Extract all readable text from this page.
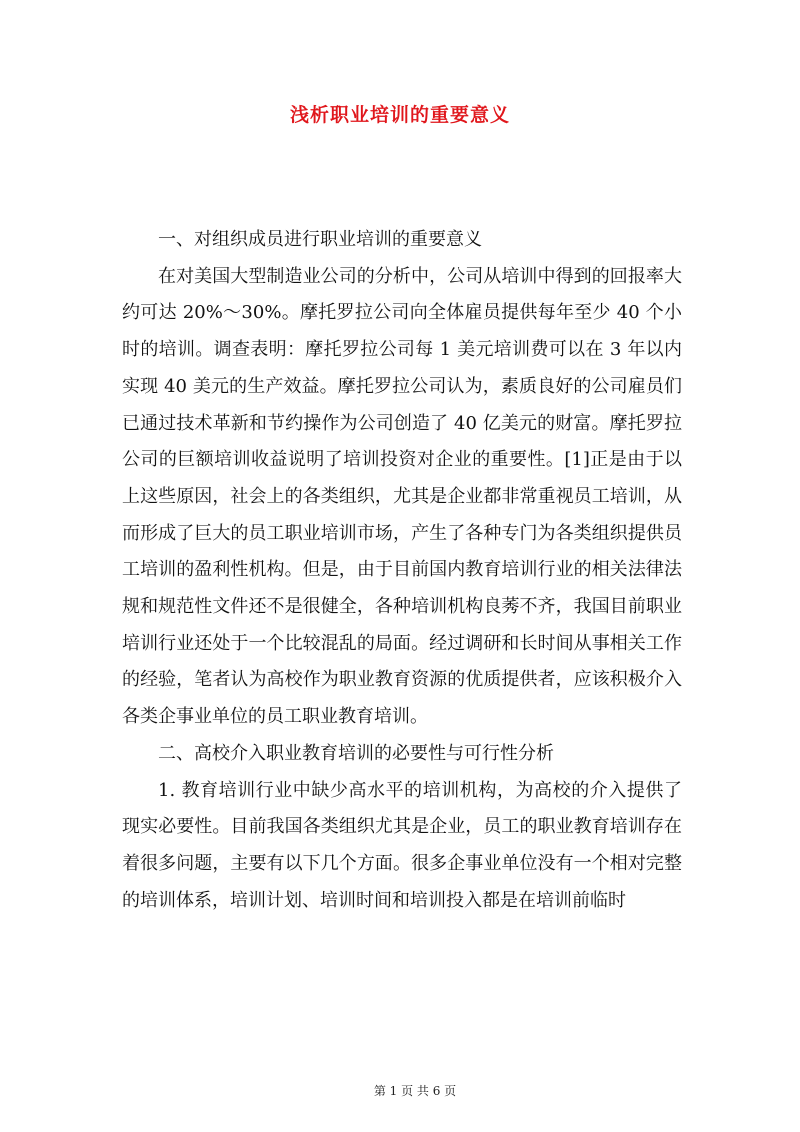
浅析职业培训的重要意义

一、对组织成员进行职业培训的重要意义

在对美国大型制造业公司的分析中，公司从培训中得到的回报率大约可达 20%～30%。摩托罗拉公司向全体雇员提供每年至少 40 个小时的培训。调查表明：摩托罗拉公司每 1 美元培训费可以在 3 年以内实现 40 美元的生产效益。摩托罗拉公司认为，素质良好的公司雇员们已通过技术革新和节约操作为公司创造了 40 亿美元的财富。摩托罗拉公司的巨额培训收益说明了培训投资对企业的重要性。[1]正是由于以上这些原因，社会上的各类组织，尤其是企业都非常重视员工培训，从而形成了巨大的员工职业培训市场，产生了各种专门为各类组织提供员工培训的盈利性机构。但是，由于目前国内教育培训行业的相关法律法规和规范性文件还不是很健全，各种培训机构良莠不齐，我国目前职业培训行业还处于一个比较混乱的局面。经过调研和长时间从事相关工作的经验，笔者认为高校作为职业教育资源的优质提供者，应该积极介入各类企事业单位的员工职业教育培训。

二、高校介入职业教育培训的必要性与可行性分析

1. 教育培训行业中缺少高水平的培训机构，为高校的介入提供了现实必要性。目前我国各类组织尤其是企业，员工的职业教育培训存在着很多问题，主要有以下几个方面。很多企事业单位没有一个相对完整的培训体系，培训计划、培训时间和培训投入都是在培训前临时

第 1 页 共 6 页
